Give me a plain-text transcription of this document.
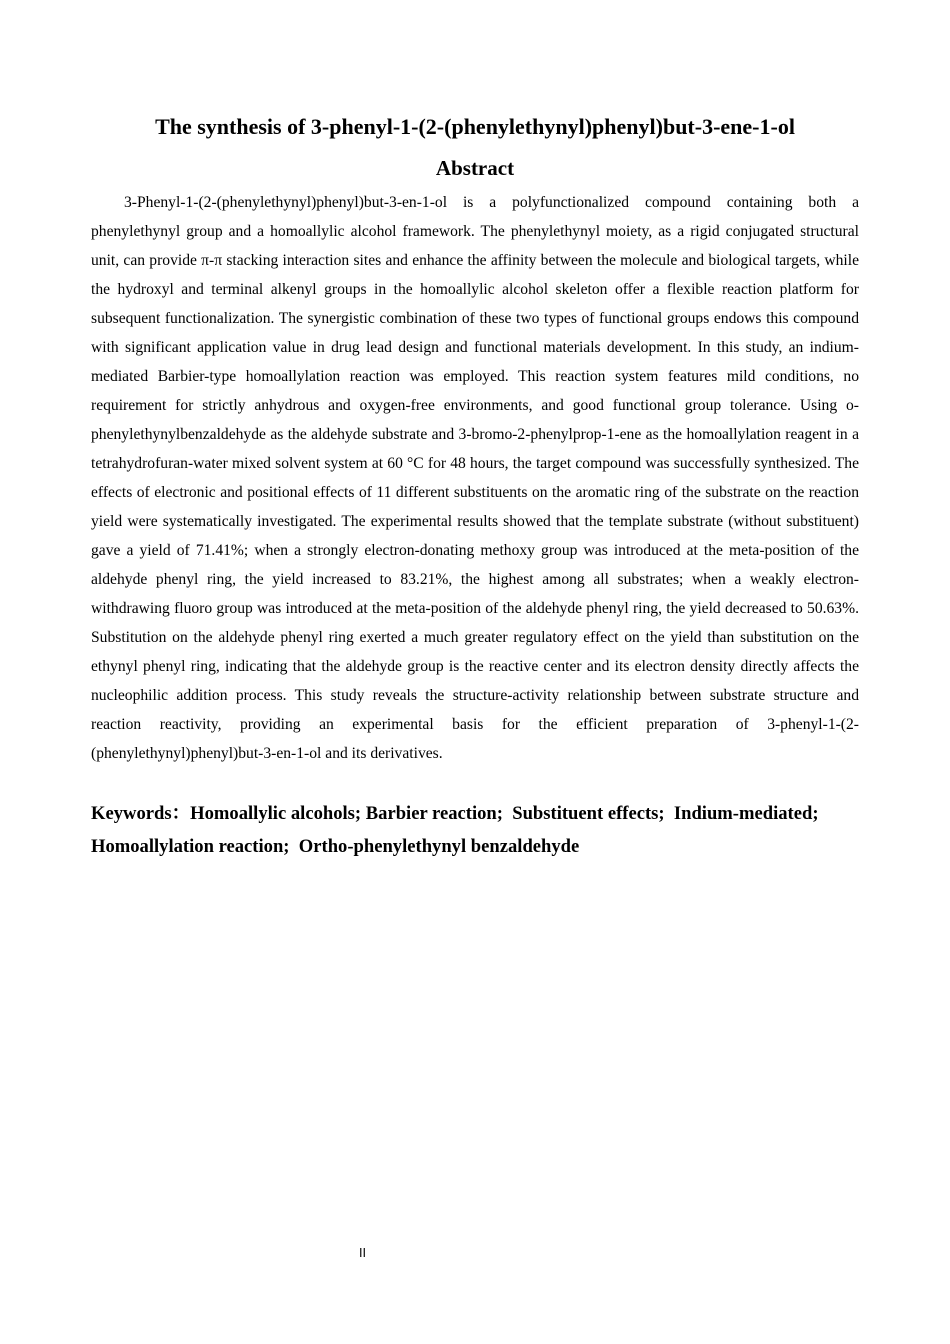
The synthesis of 3-phenyl-1-(2-(phenylethynyl)phenyl)but-3-ene-1-ol
Abstract

3-Phenyl-1-(2-(phenylethynyl)phenyl)but-3-en-1-ol is a polyfunctionalized compound containing both a phenylethynyl group and a homoallylic alcohol framework. The phenylethynyl moiety, as a rigid conjugated structural unit, can provide π-π stacking interaction sites and enhance the affinity between the molecule and biological targets, while the hydroxyl and terminal alkenyl groups in the homoallylic alcohol skeleton offer a flexible reaction platform for subsequent functionalization. The synergistic combination of these two types of functional groups endows this compound with significant application value in drug lead design and functional materials development. In this study, an indium-mediated Barbier-type homoallylation reaction was employed. This reaction system features mild conditions, no requirement for strictly anhydrous and oxygen-free environments, and good functional group tolerance. Using o-phenylethynylbenzaldehyde as the aldehyde substrate and 3-bromo-2-phenylprop-1-ene as the homoallylation reagent in a tetrahydrofuran-water mixed solvent system at 60 °C for 48 hours, the target compound was successfully synthesized. The effects of electronic and positional effects of 11 different substituents on the aromatic ring of the substrate on the reaction yield were systematically investigated. The experimental results showed that the template substrate (without substituent) gave a yield of 71.41%; when a strongly electron-donating methoxy group was introduced at the meta-position of the aldehyde phenyl ring, the yield increased to 83.21%, the highest among all substrates; when a weakly electron-withdrawing fluoro group was introduced at the meta-position of the aldehyde phenyl ring, the yield decreased to 50.63%. Substitution on the aldehyde phenyl ring exerted a much greater regulatory effect on the yield than substitution on the ethynyl phenyl ring, indicating that the aldehyde group is the reactive center and its electron density directly affects the nucleophilic addition process. This study reveals the structure-activity relationship between substrate structure and reaction reactivity, providing an experimental basis for the efficient preparation of 3-phenyl-1-(2-(phenylethynyl)phenyl)but-3-en-1-ol and its derivatives.

Keywords：Homoallylic alcohols; Barbier reaction;  Substituent effects;  Indium-mediated;  Homoallylation reaction;  Ortho-phenylethynyl benzaldehyde

II
